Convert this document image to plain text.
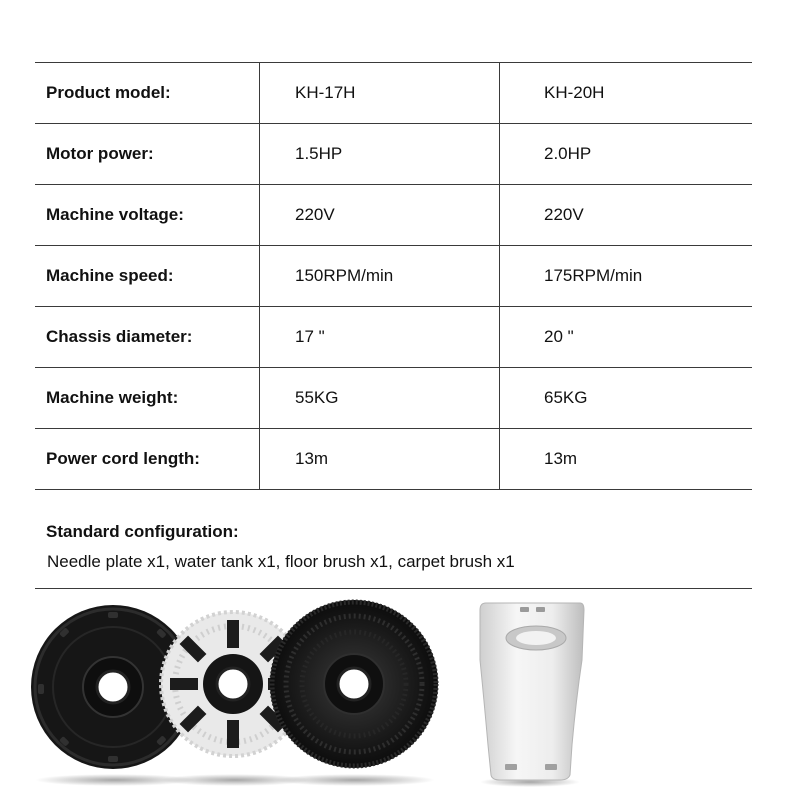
Product model:	KH-17H	KH-20H
Motor power:	1.5HP	2.0HP
Machine voltage:	220V	220V
Machine speed:	150RPM/min	175RPM/min
Chassis diameter:	17 "	20 "
Machine weight:	55KG	65KG
Power cord length:	13m	13m
Standard configuration:
Needle plate x1, water tank x1, floor brush x1, carpet brush x1
